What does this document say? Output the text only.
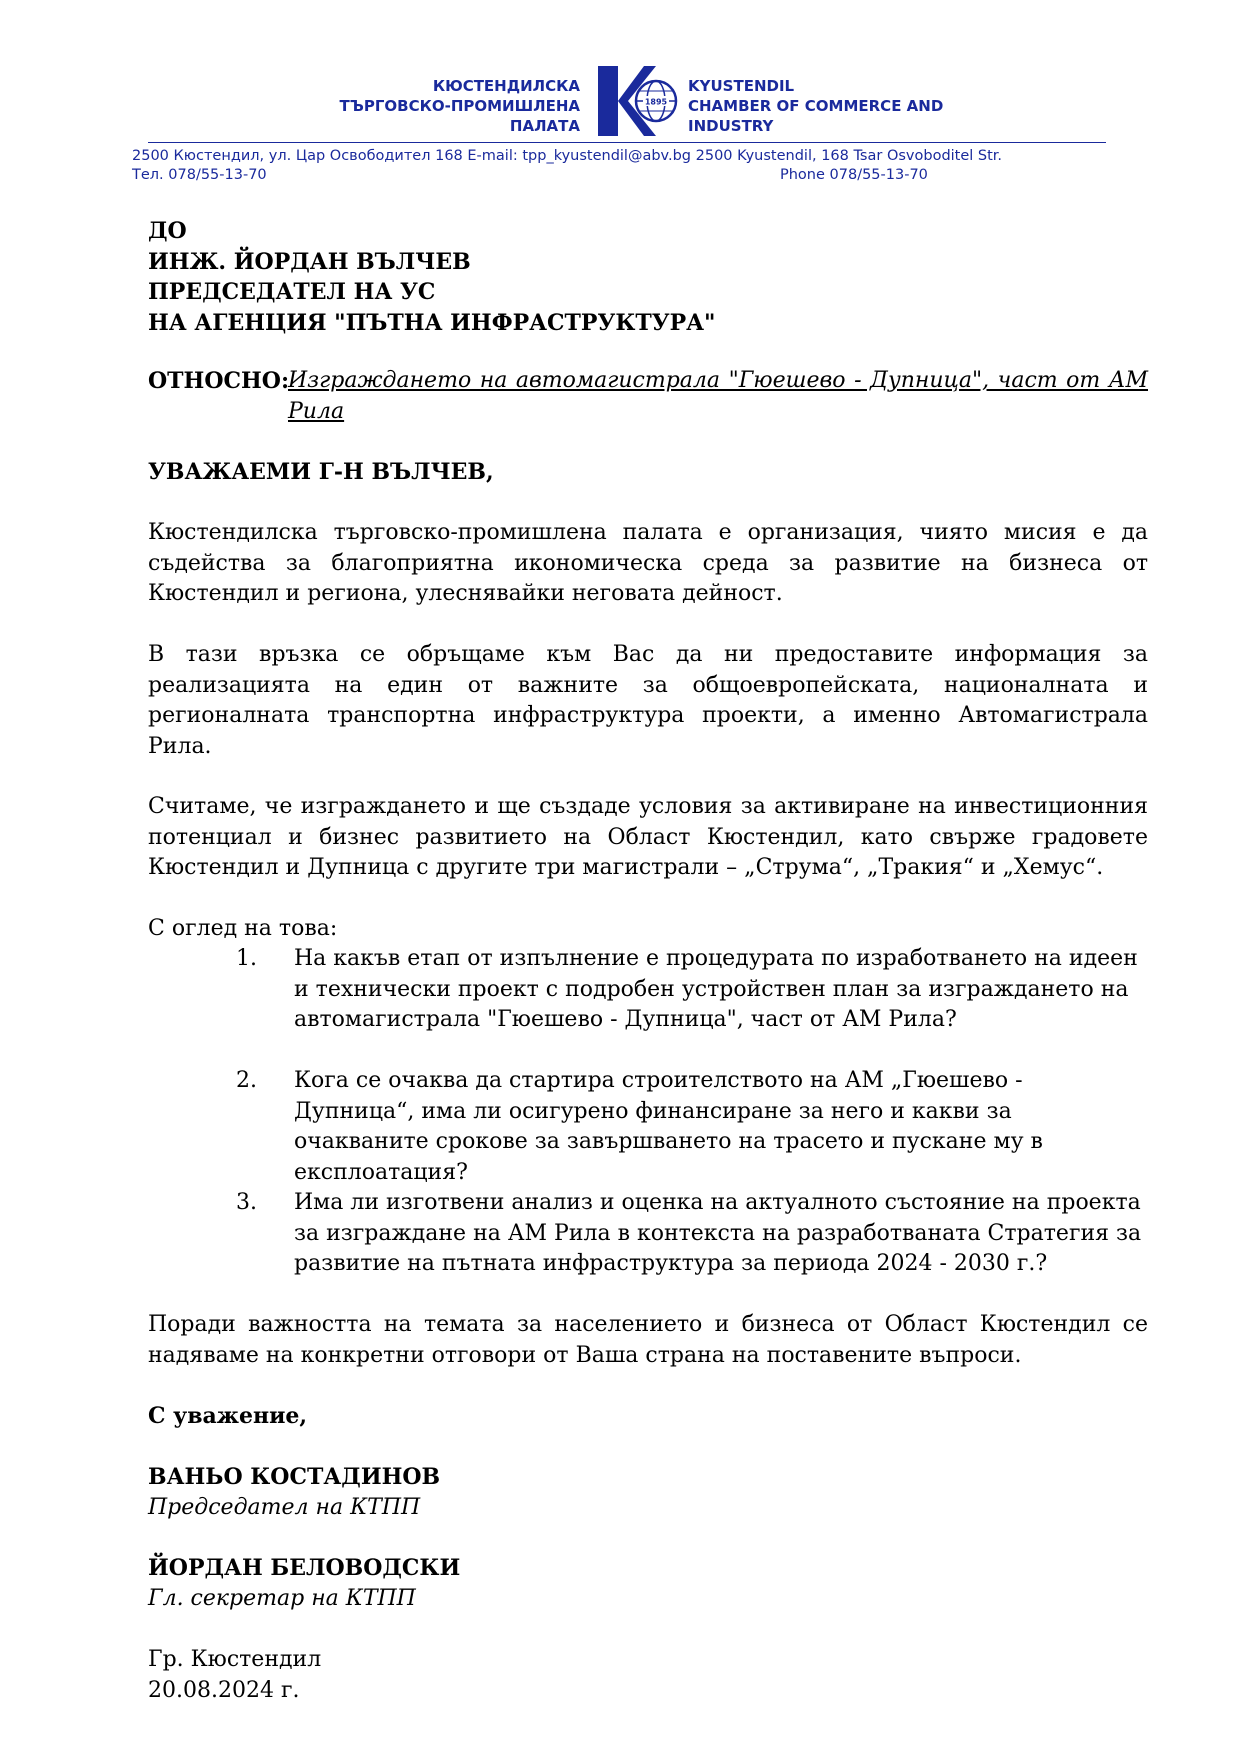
КЮСТЕНДИЛСКА
ТЪРГОВСКО-ПРОМИШЛЕНА
ПАЛАТА
1895
KYUSTENDIL
CHAMBER OF COMMERCE AND
INDUSTRY
2500 Кюстендил, ул. Цар Освободител 168 E-mail: tpp_kyustendil@abv.bg 2500 Kyustendil, 168 Tsar Osvoboditel Str.
Тел. 078/55-13-70	Phone 078/55-13-70
ДО
ИНЖ. ЙОРДАН ВЪЛЧЕВ
ПРЕДСЕДАТЕЛ НА УС
НА АГЕНЦИЯ "ПЪТНА ИНФРАСТРУКТУРА"
ОТНОСНО:
Изграждането на автомагистрала "Гюешево - Дупница", част от АМ Рила
УВАЖАЕМИ Г-Н ВЪЛЧЕВ,
Кюстендилска търговско-промишлена палата е организация, чиято мисия е да съдейства за благоприятна икономическа среда за развитие на бизнеса от Кюстендил и региона, улеснявайки неговата дейност.
В тази връзка се обръщаме към Вас да ни предоставите информация за реализацията на един от важните за общоевропейската, националната и регионалната транспортна инфраструктура проекти, а именно Автомагистрала Рила.
Считаме, че изграждането и ще създаде условия за активиране на инвестиционния потенциал и бизнес развитието на Област Кюстендил, като свърже градовете Кюстендил и Дупница с другите три магистрали – „Струма“, „Тракия“ и „Хемус“.
С оглед на това:
1. На какъв етап от изпълнение е процедурата по изработването на идеен и технически проект с подробен устройствен план за изграждането на автомагистрала "Гюешево - Дупница", част от АМ Рила?
2. Кога се очаква да стартира строителството на АМ „Гюешево - Дупница“, има ли осигурено финансиране за него и какви за очакваните срокове за завършването на трасето и пускане му в експлоатация?
3. Има ли изготвени анализ и оценка на актуалното състояние на проекта за изграждане на АМ Рила в контекста на разработваната Стратегия за развитие на пътната инфраструктура за периода 2024 - 2030 г.?
Поради важността на темата за населението и бизнеса от Област Кюстендил се надяваме на конкретни отговори от Ваша страна на поставените въпроси.
С уважение,
ВАНЬО КОСТАДИНОВ
Председател на КТПП
ЙОРДАН БЕЛОВОДСКИ
Гл. секретар на КТПП
Гр. Кюстендил
20.08.2024 г.
